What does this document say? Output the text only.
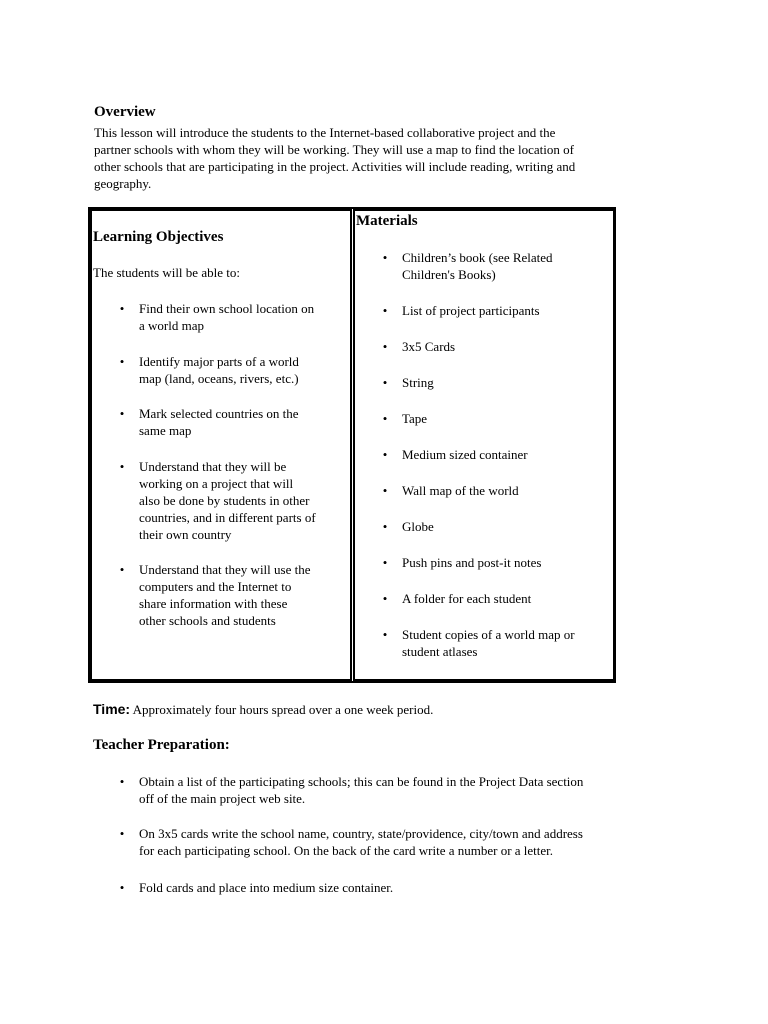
Overview
This lesson will introduce the students to the Internet-based collaborative project and the
partner schools with whom they will be working. They will use a map to find the location of
other schools that are participating in the project. Activities will include reading, writing and
geography.
Learning Objectives
The students will be able to:
• Find their own school location on
a world map
• Identify major parts of a world
map (land, oceans, rivers, etc.)
• Mark selected countries on the
same map
• Understand that they will be
working on a project that will
also be done by students in other
countries, and in different parts of
their own country
• Understand that they will use the
computers and the Internet to
share information with these
other schools and students
Materials
• Children’s book (see Related
Children's Books)
• List of project participants
• 3x5 Cards
• String
• Tape
• Medium sized container
• Wall map of the world
• Globe
• Push pins and post-it notes
• A folder for each student
• Student copies of a world map or
student atlases
Time: Approximately four hours spread over a one week period.
Teacher Preparation:
• Obtain a list of the participating schools; this can be found in the Project Data section
off of the main project web site.
• On 3x5 cards write the school name, country, state/providence, city/town and address
for each participating school. On the back of the card write a number or a letter.
• Fold cards and place into medium size container.
